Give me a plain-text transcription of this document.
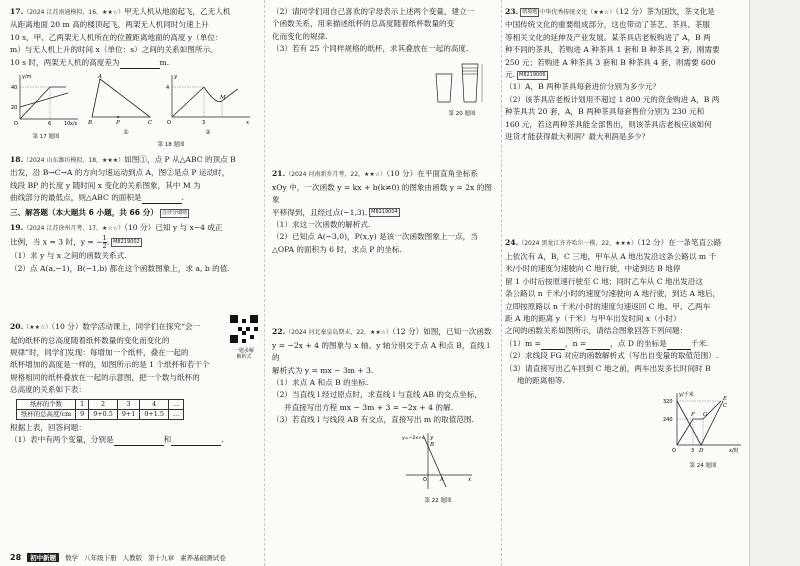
17.（2024 江苏南通模拟，16，★★☆）甲无人机从地面起飞，乙无人机

从距离地面 20 m 高的楼顶起飞，两架无人机同时匀速上升

10 s，甲、乙两架无人机所在的位置距离地面的高度 y（单位：

m）与无人机上升的时间 x（单位：s）之间的关系如图所示。

10 s 时，两架无人机的高度差为	m.

y/m
40
20
6	10 x/s
O
第 17 题图
A
B	C
P
y
x
O
4
3
M
①	②
第 18 题图

18.（2024 山东潍坊模拟，18，★★★）如图①，点 P 从△ABC 的顶点 B

出发，沿 B→C→A 的方向匀速运动到点 A，图②是点 P 运动时，

线段 BP 的长度 y 随时间 x 变化的关系图象，其中 M 为

曲线部分的最低点，则△ABC 的面积是	.

三、解答题（本大题共 6 小题，共 66 分） 含评分细则

19.（2024 江苏徐州月考，17，★☆☆）（10 分）已知 y 与 x−4 成正

比例，当 x = 3 时，y = − $\frac{1}{2}$ . M8219002

（1）求 y 与 x 之间的函数关系式.

（2）点 A(a,−1)，B(−1,b) 都在这个函数图象上，求 a, b 的值.

一题多解
解析式

20.（★★☆）（10 分）数学活动课上，同学们在探究“会一

起的纸杯的总高度随着纸杯数量的变化而变化的

规律”时，同学们发现：每增加一个纸杯，叠在一起的

纸杯增加的高度是一样的，如图所示的是 1 个纸杯和若干个

规格相同的纸杯叠放在一起的示意图，把一个数与纸杯的

总高度的关系如下表：

纸杯的个数	1	2	3	4	…
纸杯的总高度/cm	9	9+0.5	9+1	9+1.5	…

根据上表，回答问题：

（1）表中有两个变量，分别是	和	.

（2）请同学们用自己喜欢的字母表示上述两个变量，建立一

个函数关系，用来描述纸杯的总高度随着纸杯数量的变

化而变化的规律.

（3）若有 25 个同样规格的纸杯，求其叠放在一起的高度.

第 20 题图

21.（2024 河南新乡月考，22，★★☆）（10 分）在平面直角坐标系

xOy 中，一次函数 y = kx + b(k≠0) 的图象由函数 y = 2x 的图象

平移得到，且经过点(−1,3). M8219004

（1）求这一次函数的解析式.

（2）已知点 A(−3,0)，P(x,y) 是该一次函数图象上一点，当

△OPA 的面积为 6 时，求点 P 的坐标.

22.（2024 河北秦皇岛期末，22，★★☆）（12 分）如图，已知一次函数

y = −2x + 4 的图象与 x 轴、y 轴分别交于点 A 和点 B，直线 l 的

解析式为 y = mx − 3m + 3.

（1）求点 A 和点 B 的坐标.

（2）当直线 l 经过原点时，求直线 l 与直线 AB 的交点坐标，

并直接写出方程 mx − 3m + 3 = −2x + 4 的解.

（3）若直线 l 与线段 AB 有交点，直接写出 m 的取值范围.

y
x
O A
B
y=−2x+4
第 22 题图

23. 情境题 中华优秀传统文化（★★☆）（12 分）茶为国饮，茶文化是

中国传统文化的重要组成部分，这也带动了茶艺、茶具、茶服

等相关文化的延伸及产业发展。某茶具店老板购进了 A，B 两

种不同的茶具，若购进 A 种茶具 1 套和 B 种茶具 2 套，刚需要

250 元；若购进 A 种茶具 3 套和 B 种茶具 4 套，则需要 600

元. M8219006

（1）A，B 两种茶具每套进价分别为多少元？

（2）该茶具店老板计划用不超过 1 800 元的资金购进 A，B 两

种茶具共 20 套，A，B 两种茶具每套售价分别为 230 元和

160 元，若这两种茶具能全部售出，则该茶具店老板应该如何

进货才能获得最大利润？最大利润是多少？

24.（2024 黑龙江齐齐哈尔一模，22，★★★）（12 分）在一条笔直公路

上依次有 A，B，C 三地，甲车从 A 地出发沿这条公路以 m 千

米/小时的速度匀速驶向 C 地行驶，中途到达 B 地停

留 1 小时后按原速行驶至 C 地；同时乙车从 C 地出发沿这

条公路以 n 千米/小时的速度匀速驶向 A 地行驶，到达 A 地后，

立即按原路以 n 千米/小时的速度匀速返回 C 地。甲、乙两车

距 A 地的距离 y（千米）与甲车出发时间 x（小时）

之间的函数关系如图所示，请结合图象回答下列问题：

（1）m =	，n =	，点 D 的坐标是	千米.

（2）求线段 FG 对应的函数解析式（写出自变量的取值范围）.

（3）请直接写出乙车回到 C 地之前，两车出发多长时间时 B

地的距离相等.

y/千米
320
240
O	3 D	x/时
E
C
F G
第 24 题图
28	初中新题	数学 八年级下册 人教版 第十九章 素养基础测试卷
